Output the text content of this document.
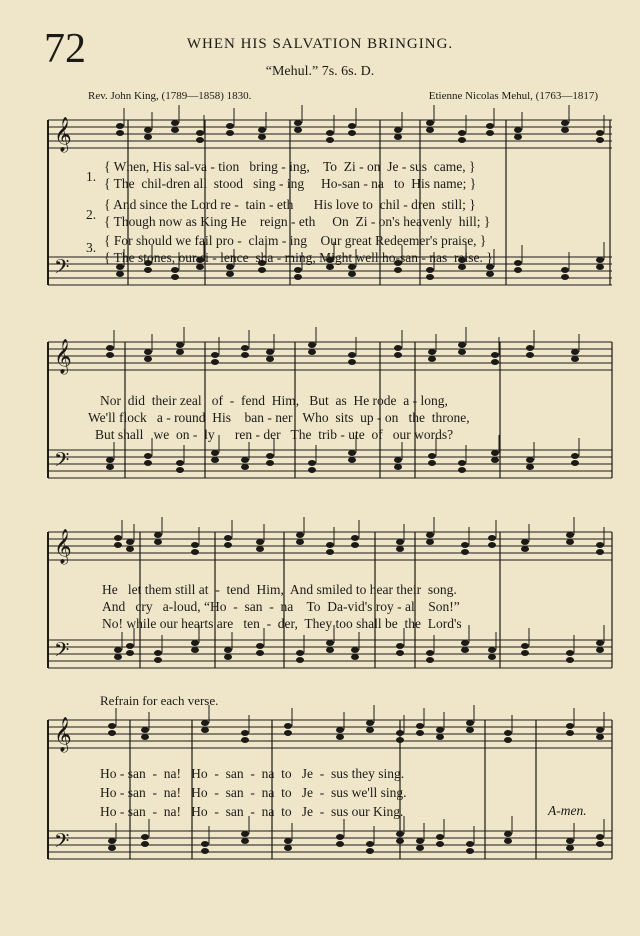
72	WHEN HIS SALVATION BRINGING.
“Mehul.” 7s. 6s. D.
Rev. John King, (1789—1858) 1830.	Etienne Nicolas Mehul, (1763—1817)
𝄞
𝄢
𝄞
𝄢
𝄞
𝄢
𝄞
𝄢
1.
2.
3.
{ When, His sal-va - tion   bring - ing,    To  Zi - on  Je - sus  came, }
{ The  chil-dren all  stood   sing - ing     Ho-san - na   to  His name; }
{ And since the Lord re -  tain - eth      His love to  chil - dren  still; }
{ Though now as King He    reign - eth     On  Zi - on's heavenly  hill; }
{ For should we fail pro -  claim - ing    Our great Redeemer's praise, }
{ The stones, our si - lence  sha - ming, Might well ho-san - nas  raise. }
Nor  did  their zeal   of  -  fend  Him,   But  as  He rode  a - long,
We'll flock   a - round  His    ban - ner   Who  sits  up - on   the  throne,
But shall   we  on -  ly      ren - der   The  trib - ute  of   our words?
He   let them still at  -  tend  Him,  And smiled to hear their  song.
And   cry   a-loud, “Ho  -  san  -  na    To  Da-vid's roy - al    Son!”
No! while our hearts are   ten  -  der,  They too shall be  the  Lord's
Refrain for each verse.
Ho - san  -  na!   Ho  -  san  -  na  to   Je  -  sus they sing.
Ho - san  -  na!   Ho  -  san  -  na  to   Je  -  sus we'll sing.
Ho - san  -  na!   Ho  -  san  -  na  to   Je  -  sus our King.	A-men.
